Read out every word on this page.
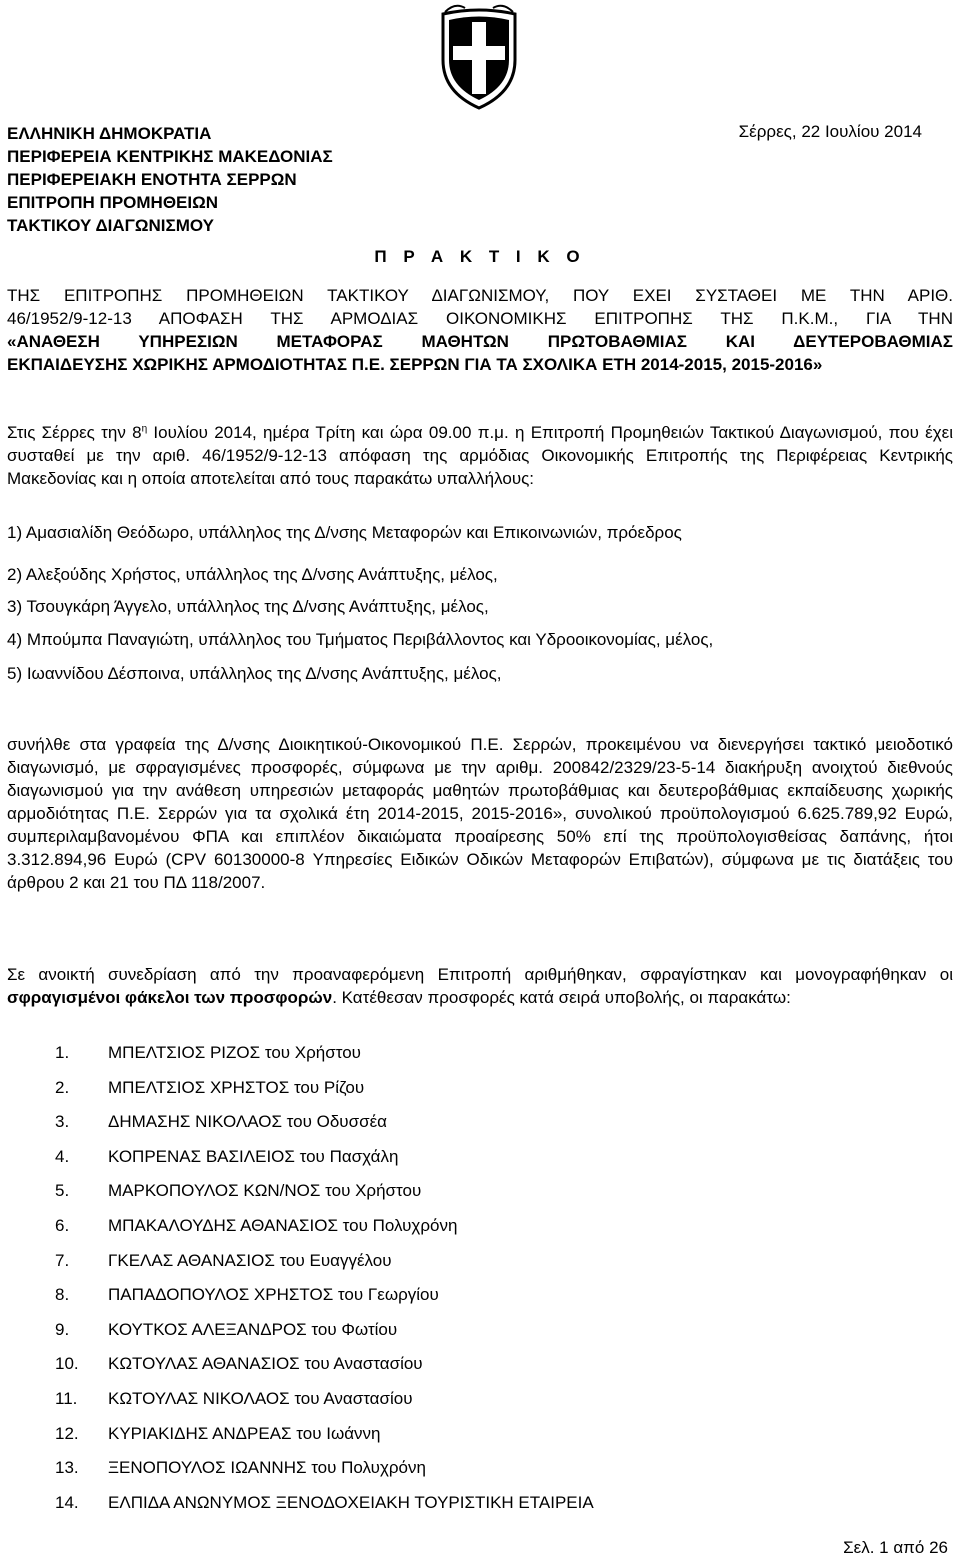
ΕΛΛΗΝΙΚΗ ΔΗΜΟΚΡΑΤΙΑ
ΠΕΡΙΦΕΡΕΙΑ ΚΕΝΤΡΙΚΗΣ ΜΑΚΕΔΟΝΙΑΣ
ΠΕΡΙΦΕΡΕΙΑΚΗ ΕΝΟΤΗΤΑ ΣΕΡΡΩΝ
ΕΠΙΤΡΟΠΗ ΠΡΟΜΗΘΕΙΩΝ
ΤΑΚΤΙΚΟΥ ΔΙΑΓΩΝΙΣΜΟΥ
Σέρρες, 22 Ιουλίου 2014
Π Ρ Α Κ Τ Ι Κ Ο
ΤΗΣ ΕΠΙΤΡΟΠΗΣ ΠΡΟΜΗΘΕΙΩΝ ΤΑΚΤΙΚΟΥ ΔΙΑΓΩΝΙΣΜΟΥ, ΠΟΥ ΕΧΕΙ ΣΥΣΤΑΘΕΙ ΜΕ ΤΗΝ ΑΡΙΘ.
46/1952/9-12-13 ΑΠΟΦΑΣΗ ΤΗΣ ΑΡΜΟΔΙΑΣ ΟΙΚΟΝΟΜΙΚΗΣ ΕΠΙΤΡΟΠΗΣ ΤΗΣ Π.Κ.Μ., ΓΙΑ ΤΗΝ
«ΑΝΑΘΕΣΗ ΥΠΗΡΕΣΙΩΝ ΜΕΤΑΦΟΡΑΣ ΜΑΘΗΤΩΝ ΠΡΩΤΟΒΑΘΜΙΑΣ ΚΑΙ ΔΕΥΤΕΡΟΒΑΘΜΙΑΣ
ΕΚΠΑΙΔΕΥΣΗΣ ΧΩΡΙΚΗΣ ΑΡΜΟΔΙΟΤΗΤΑΣ Π.Ε. ΣΕΡΡΩΝ ΓΙΑ ΤΑ ΣΧΟΛΙΚΑ ΕΤΗ 2014-2015, 2015-2016»
Στις Σέρρες την $8^\eta$ Ιουλίου 2014, ημέρα Τρίτη και ώρα 09.00 π.μ. η Επιτροπή Προμηθειών Τακτικού Διαγωνισμού, που έχει συσταθεί με την αριθ. 46/1952/9-12-13 απόφαση της αρμόδιας Οικονομικής Επιτροπής της Περιφέρειας Κεντρικής Μακεδονίας και η οποία αποτελείται από τους παρακάτω υπαλλήλους:
1) Αμασιαλίδη Θεόδωρο, υπάλληλος της Δ/νσης Μεταφορών και Επικοινωνιών, πρόεδρος
2) Αλεξούδης Χρήστος, υπάλληλος της Δ/νσης Ανάπτυξης, μέλος,
3) Τσουγκάρη Άγγελο, υπάλληλος της Δ/νσης Ανάπτυξης, μέλος,
4) Μπούμπα Παναγιώτη, υπάλληλος του Τμήματος Περιβάλλοντος και Υδροοικονομίας, μέλος,
5) Ιωαννίδου Δέσποινα, υπάλληλος της Δ/νσης Ανάπτυξης, μέλος,
συνήλθε στα γραφεία της Δ/νσης Διοικητικού-Οικονομικού Π.Ε. Σερρών, προκειμένου να διενεργήσει τακτικό μειοδοτικό διαγωνισμό, με σφραγισμένες προσφορές, σύμφωνα με την αριθμ. 200842/2329/23-5-14 διακήρυξη ανοιχτού διεθνούς διαγωνισμού για την ανάθεση υπηρεσιών μεταφοράς μαθητών πρωτοβάθμιας και δευτεροβάθμιας εκπαίδευσης χωρικής αρμοδιότητας Π.Ε. Σερρών για τα σχολικά έτη 2014-2015, 2015-2016», συνολικού προϋπολογισμού 6.625.789,92 Ευρώ, συμπεριλαμβανομένου ΦΠΑ και επιπλέον δικαιώματα προαίρεσης 50% επί της προϋπολογισθείσας δαπάνης, ήτοι 3.312.894,96 Ευρώ (CPV 60130000-8 Υπηρεσίες Ειδικών Οδικών Μεταφορών Επιβατών), σύμφωνα με τις διατάξεις του άρθρου 2 και 21 του ΠΔ 118/2007.
Σε ανοικτή συνεδρίαση από την προαναφερόμενη Επιτροπή αριθμήθηκαν, σφραγίστηκαν και μονογραφήθηκαν οι σφραγισμένοι φάκελοι των προσφορών. Κατέθεσαν προσφορές κατά σειρά υποβολής, οι παρακάτω:
1.	ΜΠΕΛΤΣΙΟΣ ΡΙΖΟΣ του Χρήστου
2.	ΜΠΕΛΤΣΙΟΣ ΧΡΗΣΤΟΣ του Ρίζου
3.	ΔΗΜΑΣΗΣ ΝΙΚΟΛΑΟΣ του Οδυσσέα
4.	ΚΟΠΡΕΝΑΣ ΒΑΣΙΛΕΙΟΣ του Πασχάλη
5.	ΜΑΡΚΟΠΟΥΛΟΣ ΚΩΝ/ΝΟΣ του Χρήστου
6.	ΜΠΑΚΑΛΟΥΔΗΣ ΑΘΑΝΑΣΙΟΣ του Πολυχρόνη
7.	ΓΚΕΛΑΣ ΑΘΑΝΑΣΙΟΣ του Ευαγγέλου
8.	ΠΑΠΑΔΟΠΟΥΛΟΣ ΧΡΗΣΤΟΣ του Γεωργίου
9.	ΚΟΥΤΚΟΣ ΑΛΕΞΑΝΔΡΟΣ του Φωτίου
10.	ΚΩΤΟΥΛΑΣ ΑΘΑΝΑΣΙΟΣ του Αναστασίου
11.	ΚΩΤΟΥΛΑΣ ΝΙΚΟΛΑΟΣ του Αναστασίου
12.	ΚΥΡΙΑΚΙΔΗΣ ΑΝΔΡΕΑΣ του Ιωάννη
13.	ΞΕΝΟΠΟΥΛΟΣ ΙΩΑΝΝΗΣ του Πολυχρόνη
14.	ΕΛΠΙΔΑ ΑΝΩΝΥΜΟΣ ΞΕΝΟΔΟΧΕΙΑΚΗ ΤΟΥΡΙΣΤΙΚΗ ΕΤΑΙΡΕΙΑ
Σελ. 1 από 26
